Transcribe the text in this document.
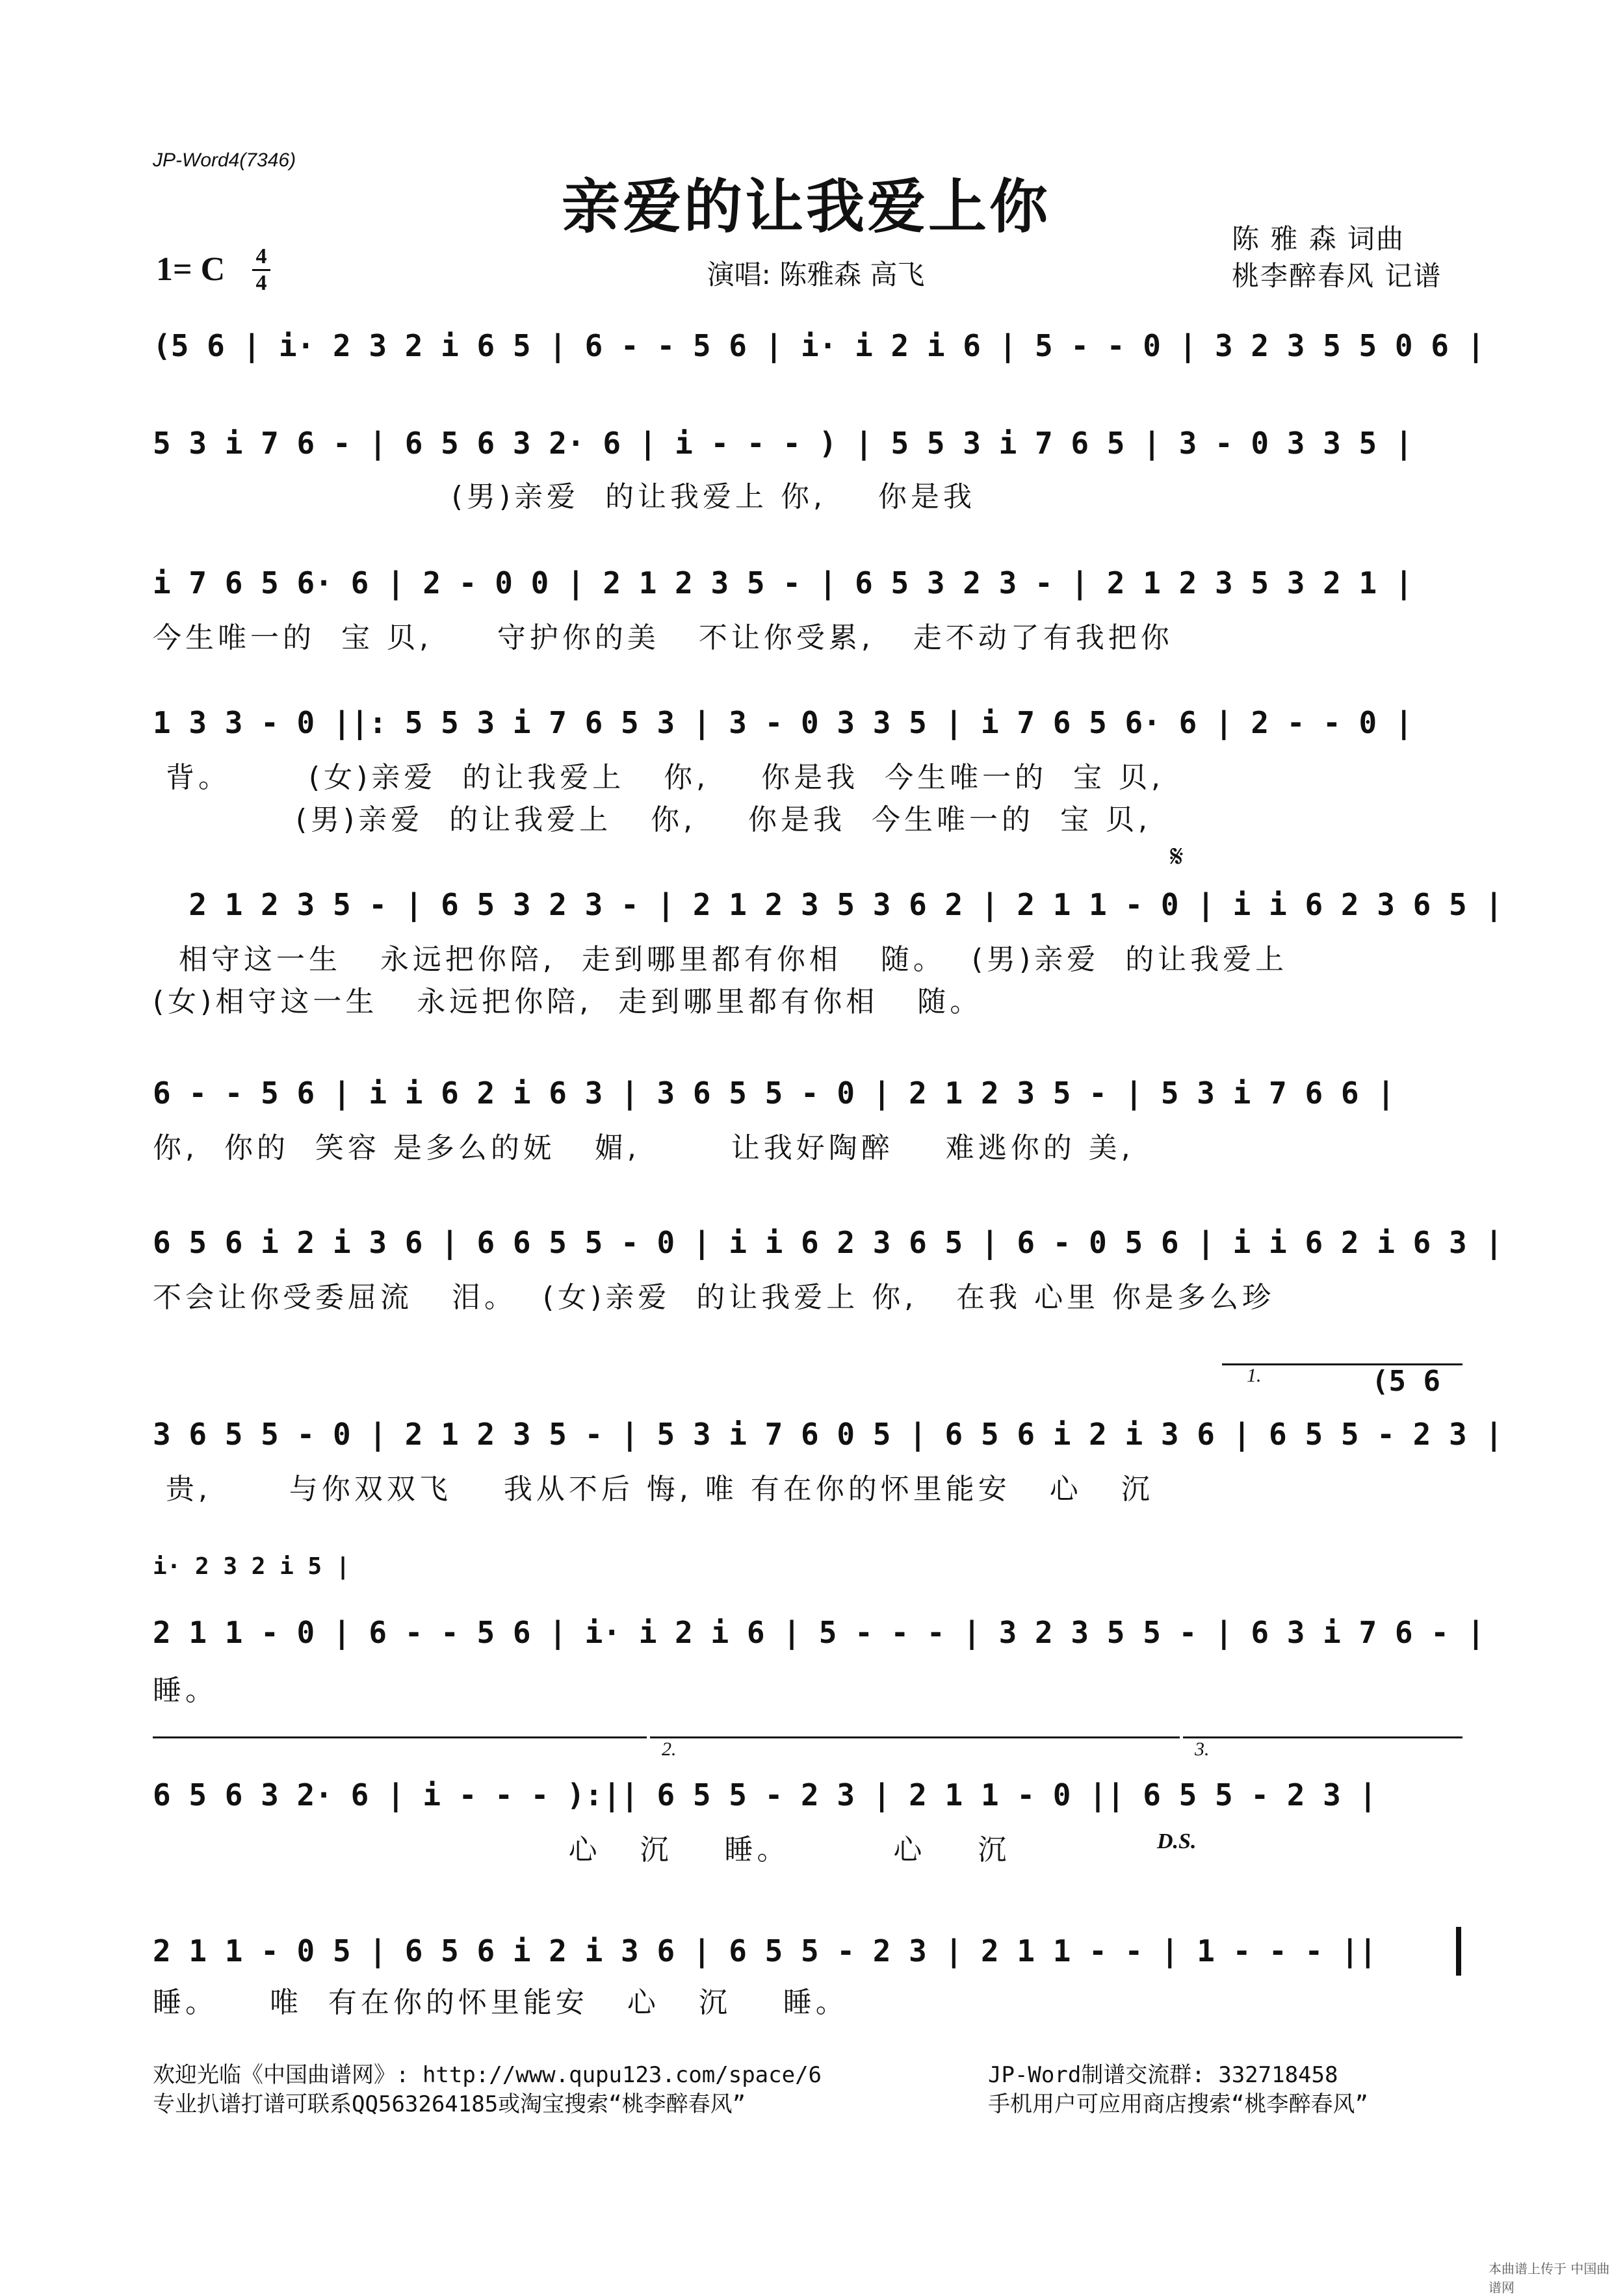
JP-Word4(7346)
亲爱的让我爱上你	陈 雅 森 词曲
桃李醉春风 记谱
1= C 4
4	演唱: 陈雅森 高飞
(5 6 | i· 2 3 2 i 6 5 | 6 - - 5 6 | i· i 2 i 6 | 5 - - 0 | 3 2 3 5 5 0 6 |
5 3 i 7 6 - | 6 5 6 3 2· 6 | i - - - ) | 5 5 3 i 7 6 5 | 3 - 0 3 3 5 |
(男)亲爱  的让我爱上 你,    你是我
i 7 6 5 6· 6 | 2 - 0 0 | 2 1 2 3 5 - | 6 5 3 2 3 - | 2 1 2 3 5 3 2 1 |
今生唯一的  宝 贝,     守护你的美   不让你受累,   走不动了有我把你
1 3 3 - 0 ||: 5 5 3 i 7 6 5 3 | 3 - 0 3 3 5 | i 7 6 5 6· 6 | 2 - - 0 |
背。      (女)亲爱  的让我爱上   你,    你是我  今生唯一的  宝 贝,
(男)亲爱  的让我爱上   你,    你是我  今生唯一的  宝 贝,
𝄋
2 1 2 3 5 - | 6 5 3 2 3 - | 2 1 2 3 5 3 6 2 | 2 1 1 - 0 | i i 6 2 3 6 5 |
相守这一生   永远把你陪,  走到哪里都有你相   随。  (男)亲爱  的让我爱上
(女)相守这一生   永远把你陪,  走到哪里都有你相   随。
6 - - 5 6 | i i 6 2 i 6 3 | 3 6 5 5 - 0 | 2 1 2 3 5 - | 5 3 i 7 6 6 |
你,  你的  笑容 是多么的妩   媚,       让我好陶醉    难逃你的 美,
6 5 6 i 2 i 3 6 | 6 6 5 5 - 0 | i i 6 2 3 6 5 | 6 - 0 5 6 | i i 6 2 i 6 3 |
不会让你受委屈流   泪。  (女)亲爱  的让我爱上 你,   在我 心里 你是多么珍
1.	(5 6
3 6 5 5 - 0 | 2 1 2 3 5 - | 5 3 i 7 6 0 5 | 6 5 6 i 2 i 3 6 | 6 5 5 - 2 3 |
贵,      与你双双飞    我从不后 悔, 唯 有在你的怀里能安   心   沉
i· 2 3 2 i 5 |
2 1 1 - 0 | 6 - - 5 6 | i· i 2 i 6 | 5 - - - | 3 2 3 5 5 - | 6 3 i 7 6 - |
睡。
2.	3.
6 5 6 3 2· 6 | i - - - ):|| 6 5 5 - 2 3 | 2 1 1 - 0 || 6 5 5 - 2 3 |
D.S.
心   沉    睡。        心    沉
2 1 1 - 0 5 | 6 5 6 i 2 i 3 6 | 6 5 5 - 2 3 | 2 1 1 - - | 1 - - - ||
睡。    唯  有在你的怀里能安   心   沉    睡。
欢迎光临《中国曲谱网》: http://www.qupu123.com/space/6
专业扒谱打谱可联系QQ563264185或淘宝搜索“桃李醉春风”
JP-Word制谱交流群: 332718458
手机用户可应用商店搜索“桃李醉春风”
本曲谱上传于 中国曲谱网
